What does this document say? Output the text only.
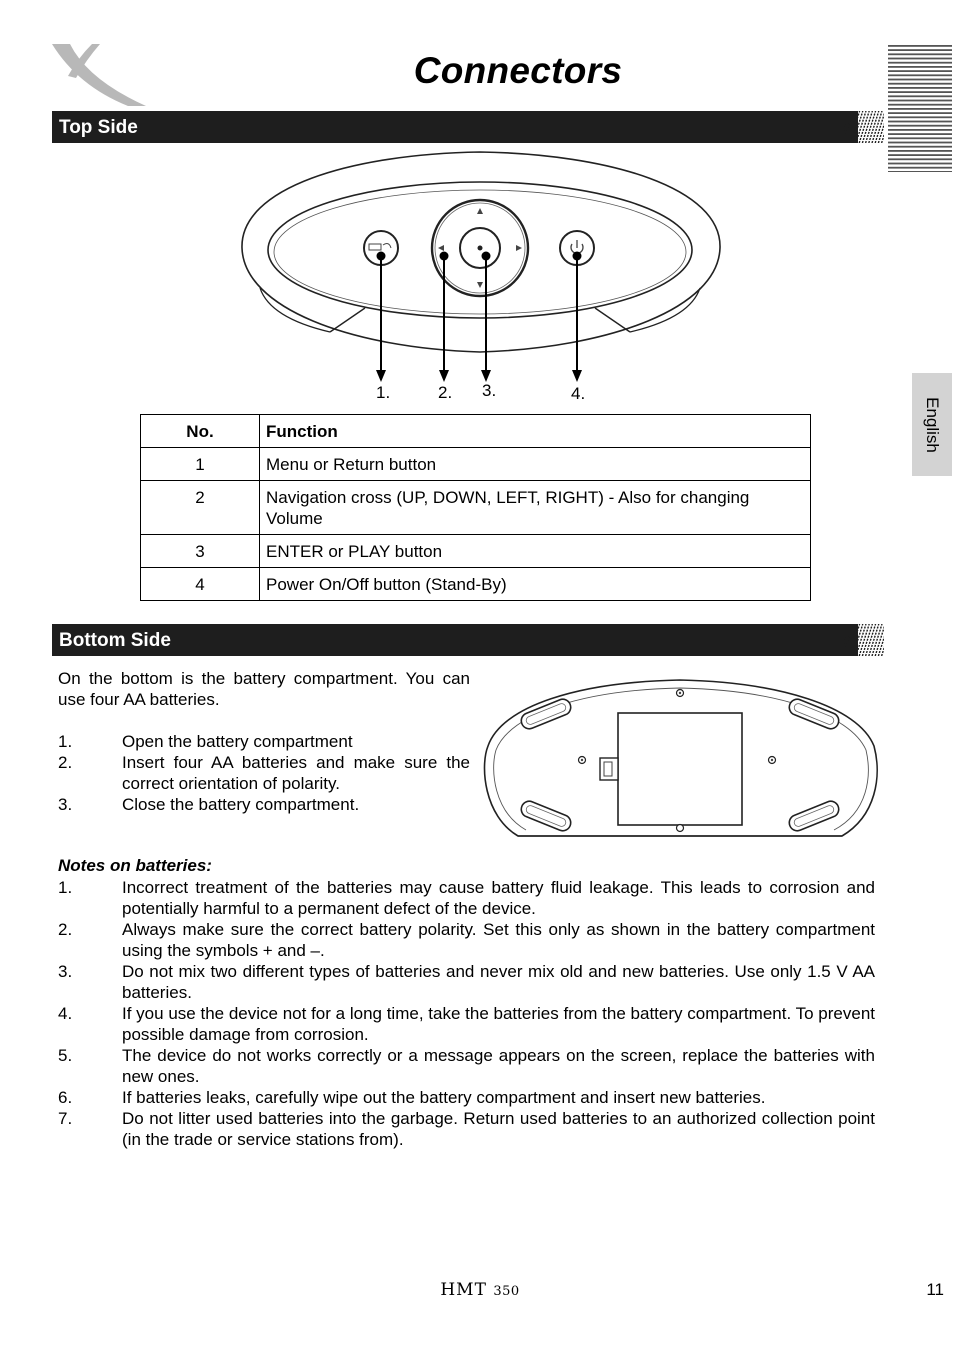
Connectors
English
Top Side
1.	2. 3.	4.
No.	Function
1	Menu or Return button
2	Navigation cross (UP, DOWN, LEFT, RIGHT) - Also for changing Volume
3	ENTER or PLAY button
4	Power On/Off button (Stand-By)
Bottom Side

On the bottom is the battery compartment. You can use four AA batteries.

1.	Open the battery compartment
2.	Insert four AA batteries and make sure the correct orientation of polarity.
3.	Close the battery compartment.

Notes on batteries:

1.	Incorrect treatment of the batteries may cause battery fluid leakage. This leads to corrosion and potentially harmful to a permanent defect of the device.
2.	Always make sure the correct battery polarity. Set this only as shown in the battery compartment using the symbols + and –.
3.	Do not mix two different types of batteries and never mix old and new batteries. Use only 1.5 V AA batteries.
4.	If you use the device not for a long time, take the batteries from the battery compartment. To prevent possible damage from corrosion.
5.	The device do not works correctly or a message appears on the screen, replace the batteries with new ones.
6.	If batteries leaks, carefully wipe out the battery compartment and insert new batteries.
7.	Do not litter used batteries into the garbage. Return used batteries to an authorized collection point (in the trade or service stations from).
HMT 350	11
